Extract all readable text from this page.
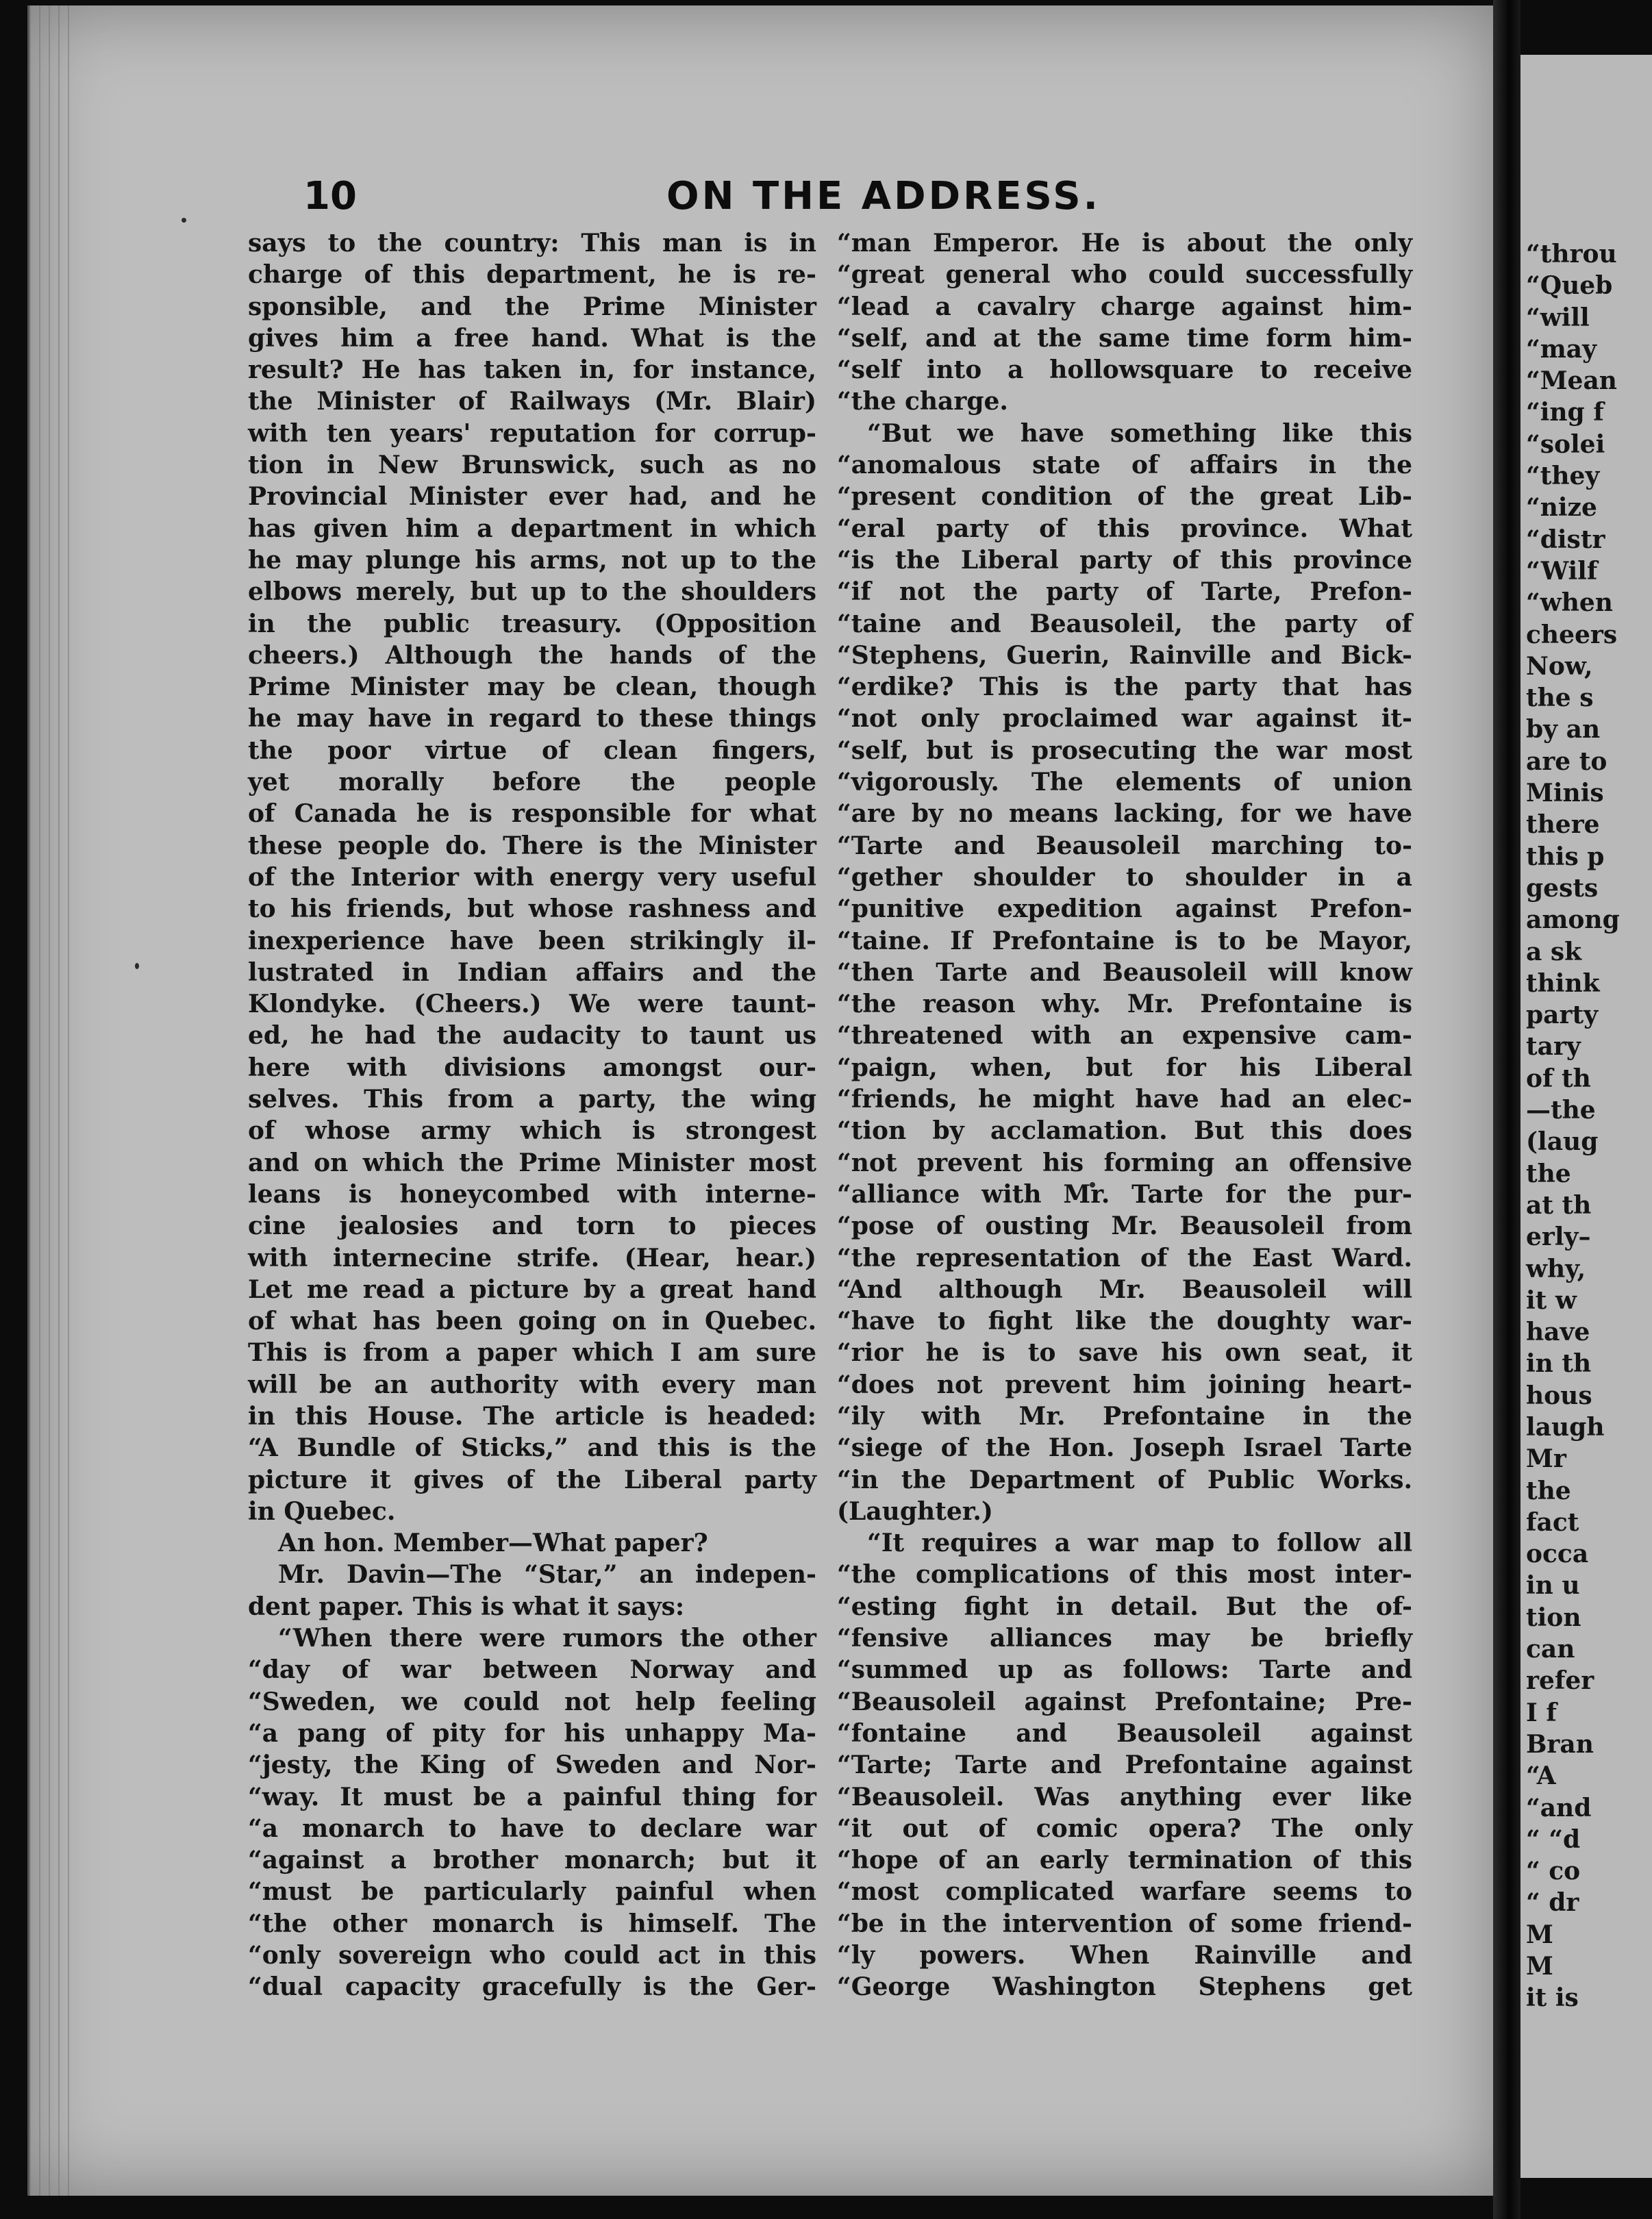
10	ON THE ADDRESS.
says to the country: This man is in
charge of this department, he is re-
sponsible, and the Prime Minister
gives him a free hand. What is the
result? He has taken in, for instance,
the Minister of Railways (Mr. Blair)
with ten years' reputation for corrup-
tion in New Brunswick, such as no
Provincial Minister ever had, and he
has given him a department in which
he may plunge his arms, not up to the
elbows merely, but up to the shoulders
in the public treasury. (Opposition
cheers.) Although the hands of the
Prime Minister may be clean, though
he may have in regard to these things
the poor virtue of clean fingers,
yet morally before the people
of Canada he is responsible for what
these people do. There is the Minister
of the Interior with energy very useful
to his friends, but whose rashness and
inexperience have been strikingly il-
lustrated in Indian affairs and the
Klondyke. (Cheers.) We were taunt-
ed, he had the audacity to taunt us
here with divisions amongst our-
selves. This from a party, the wing
of whose army which is strongest
and on which the Prime Minister most
leans is honeycombed with interne-
cine jealosies and torn to pieces
with internecine strife. (Hear, hear.)
Let me read a picture by a great hand
of what has been going on in Quebec.
This is from a paper which I am sure
will be an authority with every man
in this House. The article is headed:
“A Bundle of Sticks,” and this is the
picture it gives of the Liberal party
in Quebec.
An hon. Member—What paper?
Mr. Davin—The “Star,” an indepen-
dent paper. This is what it says:
“When there were rumors the other
“day of war between Norway and
“Sweden, we could not help feeling
“a pang of pity for his unhappy Ma-
“jesty, the King of Sweden and Nor-
“way. It must be a painful thing for
“a monarch to have to declare war
“against a brother monarch; but it
“must be particularly painful when
“the other monarch is himself. The
“only sovereign who could act in this
“dual capacity gracefully is the Ger-
“man Emperor. He is about the only
“great general who could successfully
“lead a cavalry charge against him-
“self, and at the same time form him-
“self into a hollowsquare to receive
“the charge.
“But we have something like this
“anomalous state of affairs in the
“present condition of the great Lib-
“eral party of this province. What
“is the Liberal party of this province
“if not the party of Tarte, Prefon-
“taine and Beausoleil, the party of
“Stephens, Guerin, Rainville and Bick-
“erdike? This is the party that has
“not only proclaimed war against it-
“self, but is prosecuting the war most
“vigorously. The elements of union
“are by no means lacking, for we have
“Tarte and Beausoleil marching to-
“gether shoulder to shoulder in a
“punitive expedition against Prefon-
“taine. If Prefontaine is to be Mayor,
“then Tarte and Beausoleil will know
“the reason why. Mr. Prefontaine is
“threatened with an expensive cam-
“paign, when, but for his Liberal
“friends, he might have had an elec-
“tion by acclamation. But this does
“not prevent his forming an offensive
“alliance with Mr. Tarte for the pur-
“pose of ousting Mr. Beausoleil from
“the representation of the East Ward.
“And although Mr. Beausoleil will
“have to fight like the doughty war-
“rior he is to save his own seat, it
“does not prevent him joining heart-
“ily with Mr. Prefontaine in the
“siege of the Hon. Joseph Israel Tarte
“in the Department of Public Works.
(Laughter.)
“It requires a war map to follow all
“the complications of this most inter-
“esting fight in detail. But the of-
“fensive alliances may be briefly
“summed up as follows: Tarte and
“Beausoleil against Prefontaine; Pre-
“fontaine and Beausoleil against
“Tarte; Tarte and Prefontaine against
“Beausoleil. Was anything ever like
“it out of comic opera? The only
“hope of an early termination of this
“most complicated warfare seems to
“be in the intervention of some friend-
“ly powers. When Rainville and
“George Washington Stephens get
“throu
“Queb
“will
“may
“Mean
“ing f
“solei
“they
“nize
“distr
“Wilf
“when
cheers
Now,
the s
by an
are to
Minis
there
this p
gests
among
a sk
think
party
tary
of th
—the
(laug
the
at th
erly–
why,
it w
have
in th
hous
laugh
Mr
the
fact
occa
in u
tion
can
refer
I f
Bran
“A
“and
“ “d
“ co
“ dr
M
M
it is
